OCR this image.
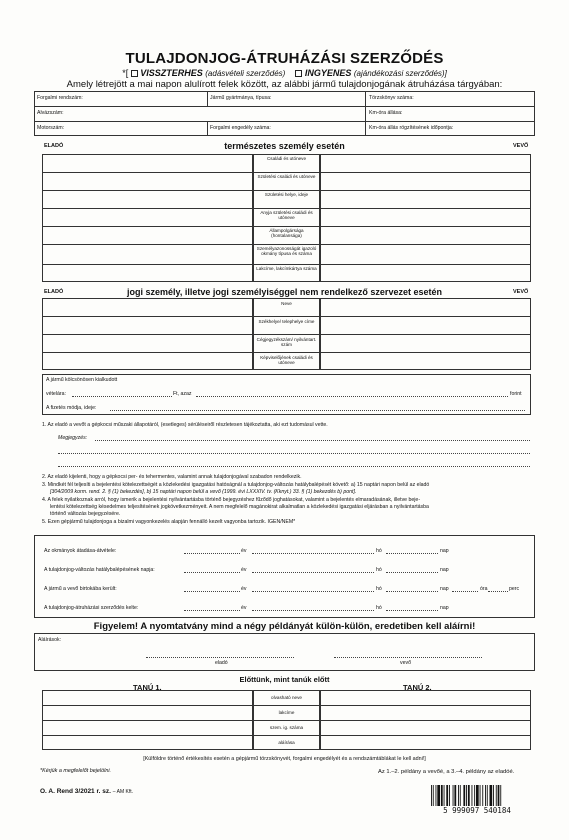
TULAJDONJOG-ÁTRUHÁZÁSI SZERZŐDÉS
*[ VISSZTERHES (adásvételi szerződés) INGYENES (ajándékozási szerződés)]
Amely létrejött a mai napon alulírott felek között, az alábbi jármű tulajdonjogának átruházása tárgyában:
Forgalmi rendszám:	Jármű gyártmánya, típusa:	Törzskönyv száma:
Alvázszám:	Km-óra állása:
Motorszám:	Forgalmi engedély száma:	Km-óra állás rögzítésének időpontja:
ELADÓ	VEVŐ
természetes személy esetén
Családi és utóneve
Születési családi és utóneve
Születési helye, ideje
Anyja születési családi és utóneve
Állampolgársága (hontalansága)
Személyazonosságát igazoló okmány típusa és száma
Lakcíme, lakcímkártya száma
ELADÓ	VEVŐ
jogi személy, illetve jogi személyiséggel nem rendelkező szervezet esetén
Neve
Székhelye/ telephelye címe
Cégjegyzékszám/ nyilvántart. szám
Képviselőjének családi és utóneve
A jármű kölcsönösen kialkudott
vételára:	Ft, azaz	forint
A fizetés módja, ideje:
1. Az eladó a vevőt a gépkocsi műszaki állapotáról, (esetleges) sérüléseiről részletesen tájékoztatta, aki ezt tudomásul vette.
Megjegyzés:
2. Az eladó kijelenti, hogy a gépkocsi per- és tehermentes, valamint annak tulajdonjogával szabadon rendelkezik.
3. Mindkét fél teljesíti a bejelentési kötelezettségét a közlekedési igazgatási hatóságnál a tulajdonjog-változás hatálybalépését követő: a) 15 naptári napon belül az eladó
[304/2009 korm. rend. 2. § (1) bekezdés], b) 15 naptári napon belül a vevő (1999. évi LXXXIV. tv. (Kknyt.) 33. § (1) bekezdés b) pont].
4. A felek nyilatkoznak arról, hogy ismerik a bejelentési nyilvántartásba történő bejegyzéshez fűződő joghatásokat, valamint a bejelentés elmaradásának, illetve beje-
lentési kötelezettség késedelmes teljesítésének jogkövetkezményeit. A nem megfelelő magánokirat alkalmatlan a közlekedési igazgatási eljárásban a nyilvántartásba
történő változás bejegyzésére.
5. Ezen gépjármű tulajdonjoga a bizalmi vagyonkezelés alapján fennálló kezelt vagyonba tartozik. IGEN/NEM*
Az okmányok átadása-átvétele:	év	hó	nap
A tulajdonjog-változás hatálybalépésének napja:	év	hó	nap
A jármű a vevő birtokába került:	év	hó	nap	óra	perc
A tulajdonjog-átruházási szerződés kelte:	év	hó	nap
Figyelem! A nyomtatvány mind a négy példányát külön-külön, eredetiben kell aláírni!
Aláírások:
eladó	vevő
Előttünk, mint tanúk előtt
TANÚ 1.	TANÚ 2.
olvasható neve
lakcíme
szem. ig. száma
aláírása
[Külföldre történő értékesítés esetén a gépjármű törzskönyvét, forgalmi engedélyét és a rendszámtáblákat le kell adni!]
*Kérjük a megfelelőt bejelölni.	Az 1.–2. példány a vevőé, a 3.–4. példány az eladóé.
O. A. Rend 3/2021 r. sz. – AM Kft.
5 999097 540184
